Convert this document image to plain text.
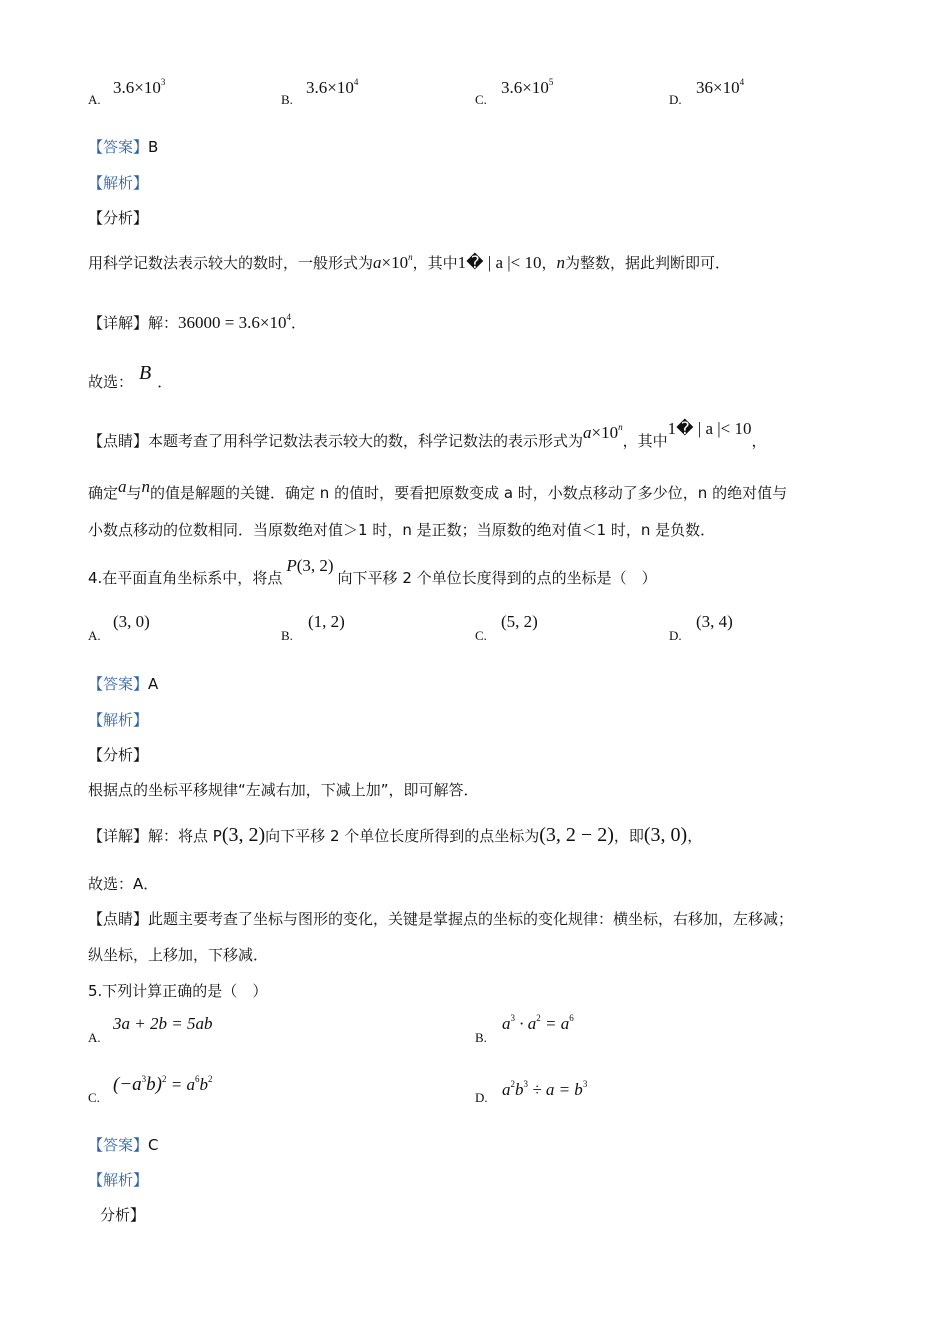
A.
$3.6\times 10^3$
B.
$3.6\times 10^4$
C.
$3.6\times 10^5$
D.
$36\times 10^4$
【答案】B
【解析】
【分析】
用科学记数法表示较大的数时，一般形式为$a\times 10^n$，其中1� | a |< 10，n为整数，据此判断即可．
【详解】解：$36000 = 3.6\times 10^4$．
故选： B ．
【点睛】本题考查了用科学记数法表示较大的数，科学记数法的表示形式为$a\times 10^n$，其中1� | a |< 10，
确定a与n的值是解题的关键．确定 n 的值时，要看把原数变成 a 时，小数点移动了多少位，n 的绝对值与
小数点移动的位数相同．当原数绝对值＞1 时，n 是正数；当原数的绝对值＜1 时，n 是负数．
4.在平面直角坐标系中，将点P(3, 2)向下平移 2 个单位长度得到的点的坐标是（　）
A.
(3, 0)
B.
(1, 2)
C.
(5, 2)
D.
(3, 4)
【答案】A
【解析】
【分析】
根据点的坐标平移规律“左减右加，下减上加”，即可解答．
【详解】解：将点 P(3, 2)向下平移 2 个单位长度所得到的点坐标为(3, 2 − 2)，即(3, 0)，
故选：A．
【点睛】此题主要考查了坐标与图形的变化，关键是掌握点的坐标的变化规律：横坐标，右移加，左移减；
纵坐标，上移加，下移减．
5.下列计算正确的是（　）
A.
3a + 2b = 5ab
B.
$a^3 \cdot a^2 = a^6$
C.
$(-a^3b)^2 = a^6b^2$
D. $a^2b^3 \div a = b^3$
【答案】C
【解析】
分析】
